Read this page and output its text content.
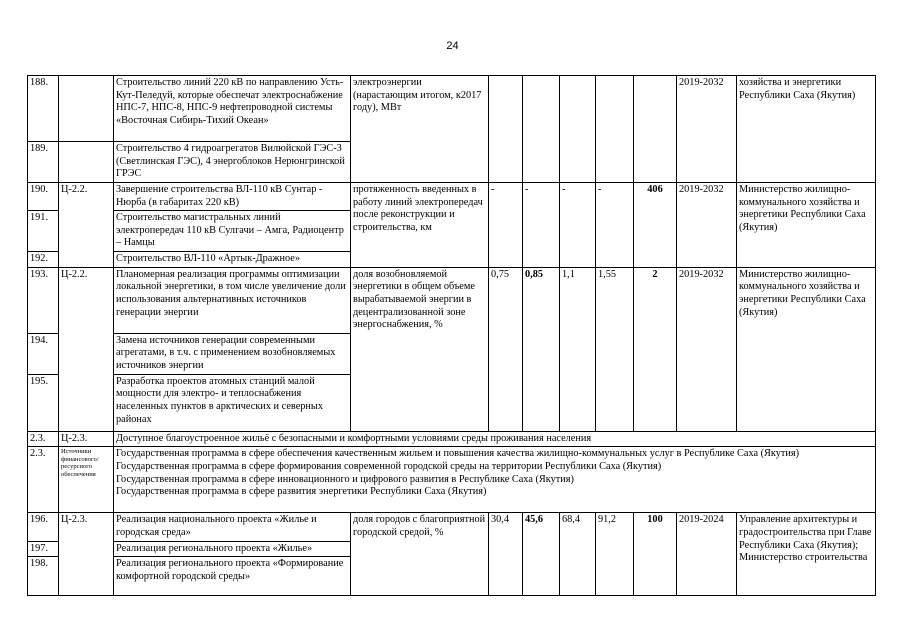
24
188.		Строительство линий 220 кВ по направлению Усть-Кут-Пеледуй, которые обеспечат электроснабжение НПС-7, НПС-8, НПС-9 нефтепроводной системы «Восточная Сибирь-Тихий Океан»	электроэнергии (нарастающим итогом, к2017 году), МВт						2019-2032	хозяйства и энергетики Республики Саха (Якутия)
189.		Строительство 4 гидроагрегатов Вилюйской ГЭС-3 (Светлинская ГЭС), 4 энергоблоков Нерюнгринской ГРЭС								
190.	Ц-2.2.	Завершение строительства ВЛ-110 кВ Сунтар - Нюрба (в габаритах 220 кВ)	протяженность введенных в работу линий электропередач после реконструкции и строительства, км	-	-	-	-	406	2019-2032	Министерство жилищно-коммунального хозяйства и энергетики Республики Саха (Якутия)
191.		Строительство магистральных линий электропередач 110 кВ Сулгачи – Амга, Радиоцентр – Намцы								
192.		Строительство ВЛ-110 «Артык-Дражное»								
193.	Ц-2.2.	Планомерная реализация программы оптимизации локальной энергетики, в том числе увеличение доли использования альтернативных источников генерации энергии	доля возобновляемой энергетики в общем объеме вырабатываемой энергии в децентрализованной зоне энергоснабжения, %	0,75	0,85	1,1	1,55	2	2019-2032	Министерство жилищно-коммунального хозяйства и энергетики Республики Саха (Якутия)
194.		Замена источников генерации современными агрегатами, в т.ч. с применением возобновляемых источников энергии								
195.		Разработка проектов атомных станций малой мощности для электро- и теплоснабжения населенных пунктов в арктических и северных районах								
2.3.	Ц-2.3.	Доступное благоустроенное жильё с безопасными и комфортными условиями среды проживания населения								
2.3.	Источники финансового/ресурсного обеспечения	Государственная программа в сфере обеспечения качественным жильем и повышения качества жилищно-коммунальных услуг в Республике Саха (Якутия)
Государственная программа в сфере формирования современной городской среды на территории Республики Саха (Якутия)
Государственная программа в сфере инновационного и цифрового развития в Республике Саха (Якутия)
Государственная программа в сфере развития энергетики Республики Саха (Якутия)								
196.	Ц-2.3.	Реализация национального проекта «Жилье и городская среда»	доля городов с благоприятной городской средой, %	30,4	45,6	68,4	91,2	100	2019-2024	Управление архитектуры и градостроительства при Главе Республики Саха (Якутия); Министерство строительства
197.		Реализация регионального проекта «Жилье»								
198.		Реализация регионального проекта «Формирование комфортной городской среды»								
